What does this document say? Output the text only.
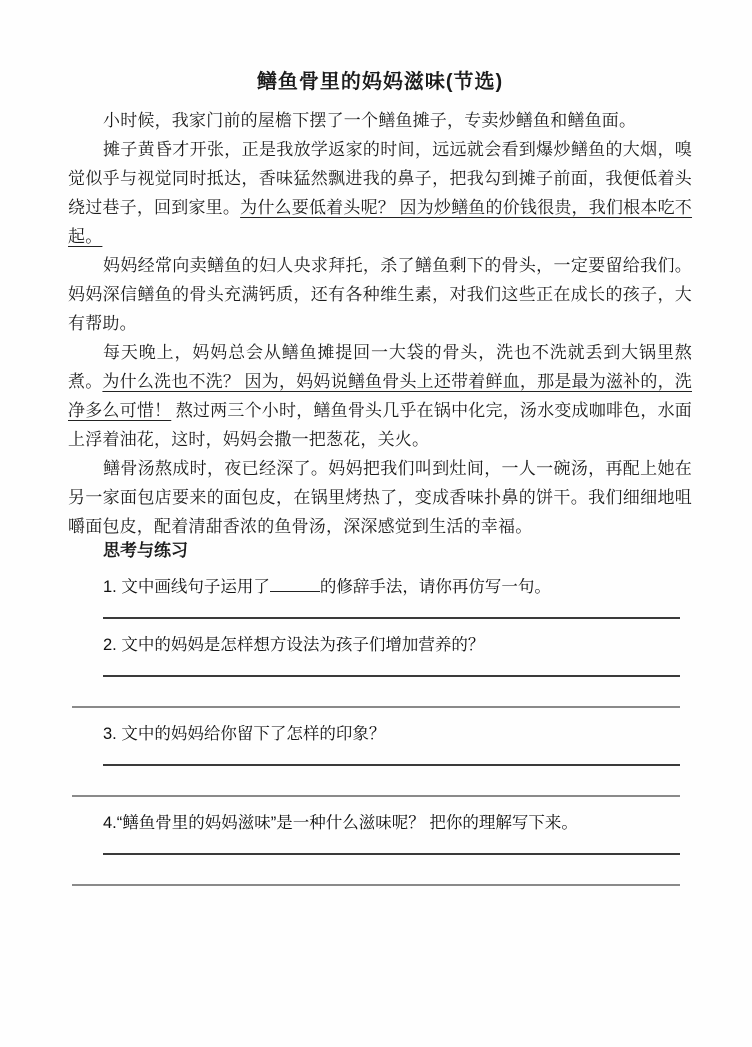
鳝鱼骨里的妈妈滋味(节选)

小时候，我家门前的屋檐下摆了一个鳝鱼摊子，专卖炒鳝鱼和鳝鱼面。

摊子黄昏才开张，正是我放学返家的时间，远远就会看到爆炒鳝鱼的大烟，嗅觉似乎与视觉同时抵达，香味猛然飘进我的鼻子，把我勾到摊子前面，我便低着头绕过巷子，回到家里。为什么要低着头呢？ 因为炒鳝鱼的价钱很贵，我们根本吃不起。

妈妈经常向卖鳝鱼的妇人央求拜托，杀了鳝鱼剩下的骨头，一定要留给我们。妈妈深信鳝鱼的骨头充满钙质，还有各种维生素，对我们这些正在成长的孩子，大有帮助。

每天晚上，妈妈总会从鳝鱼摊提回一大袋的骨头，洗也不洗就丢到大锅里熬煮。为什么洗也不洗？ 因为，妈妈说鳝鱼骨头上还带着鲜血，那是最为滋补的，洗净多么可惜！ 熬过两三个小时，鳝鱼骨头几乎在锅中化完，汤水变成咖啡色，水面上浮着油花，这时，妈妈会撒一把葱花，关火。

鳝骨汤熬成时，夜已经深了。妈妈把我们叫到灶间，一人一碗汤，再配上她在另一家面包店要来的面包皮，在锅里烤热了，变成香味扑鼻的饼干。我们细细地咀嚼面包皮，配着清甜香浓的鱼骨汤，深深感觉到生活的幸福。

思考与练习

1. 文中画线句子运用了	的修辞手法，请你再仿写一句。

2. 文中的妈妈是怎样想方设法为孩子们增加营养的？

3. 文中的妈妈给你留下了怎样的印象？

4.“鳝鱼骨里的妈妈滋味”是一种什么滋味呢？ 把你的理解写下来。
